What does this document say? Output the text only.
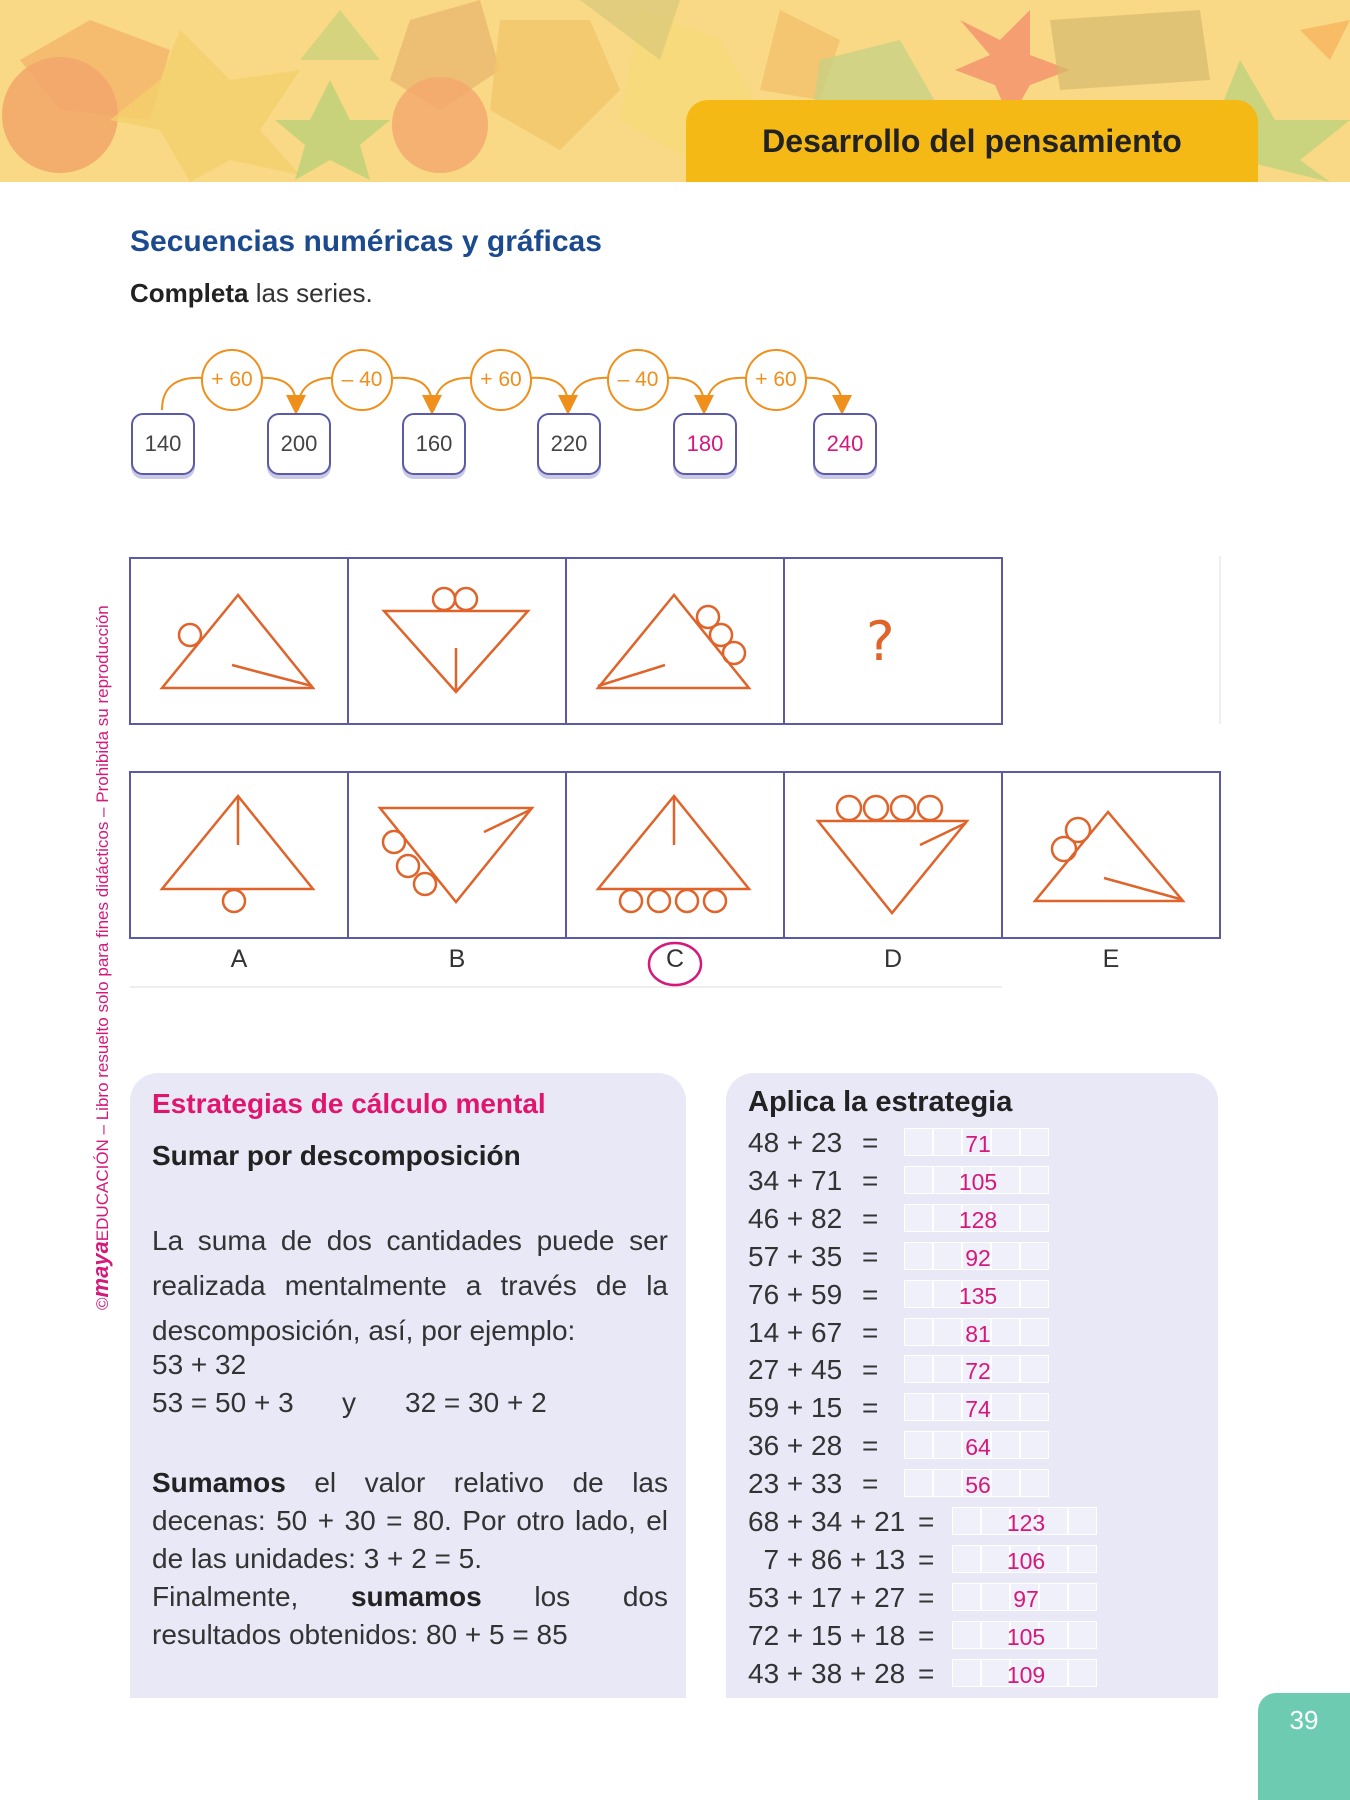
Desarrollo del pensamiento
©mayaEDUCACIÓN – Libro resuelto solo para fines didácticos – Prohibida su reproducción
Secuencias numéricas y gráficas
Completa las series.
+ 60	– 40	+ 60	– 40	+ 60
140	200	160	220	180	240
?
A	B	C	D	E
Estrategias de cálculo mental
Sumar por descomposición

La suma de dos cantidades puede ser realizada mentalmente a través de la descomposición, así, por ejemplo:

53 + 32
53 = 50 + 3 y 32 = 30 + 2

Sumamos el valor relativo de las decenas: 50 + 30 = 80. Por otro lado, el de las unidades: 3 + 2 = 5.
Finalmente, sumamos los dos resultados obtenidos: 80 + 5 = 85

Aplica la estrategia
48 + 23 =	71
34 + 71 =	105
46 + 82 =	128
57 + 35 =	92
76 + 59 =	135
14 + 67 =	81
27 + 45 =	72
59 + 15 =	74
36 + 28 =	64
23 + 33 =	56
68 + 34 + 21 =	123
7 + 86 + 13 =	106
53 + 17 + 27 =	97
72 + 15 + 18 =	105
43 + 38 + 28 =	109
39
